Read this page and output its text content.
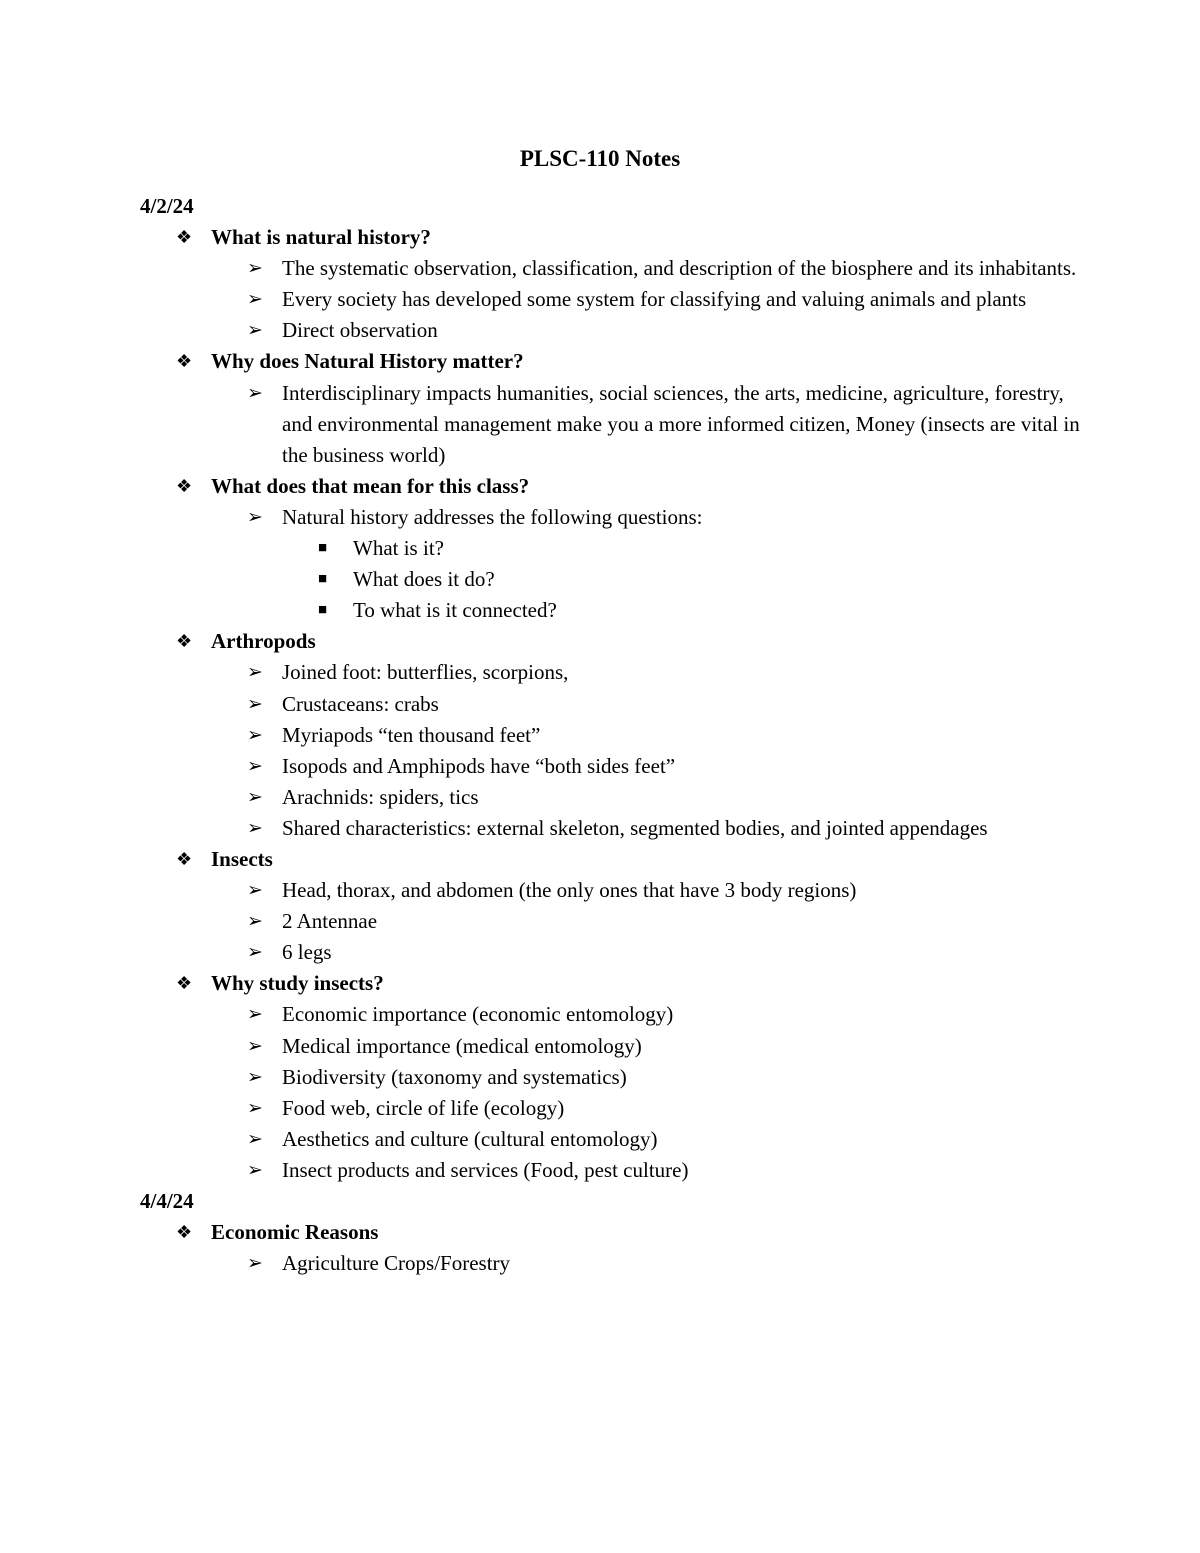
PLSC-110 Notes
4/2/24
❖ What is natural history?
➢ The systematic observation, classification, and description of the biosphere and its inhabitants.
➢ Every society has developed some system for classifying and valuing animals and plants
➢ Direct observation
❖ Why does Natural History matter?
➢ Interdisciplinary impacts humanities, social sciences, the arts, medicine, agriculture, forestry, and environmental management make you a more informed citizen, Money (insects are vital in the business world)
❖ What does that mean for this class?
➢ Natural history addresses the following questions:
■ What is it?
■ What does it do?
■ To what is it connected?
❖ Arthropods
➢ Joined foot: butterflies, scorpions,
➢ Crustaceans: crabs
➢ Myriapods “ten thousand feet”
➢ Isopods and Amphipods have “both sides feet”
➢ Arachnids: spiders, tics
➢ Shared characteristics: external skeleton, segmented bodies, and jointed appendages
❖ Insects
➢ Head, thorax, and abdomen (the only ones that have 3 body regions)
➢ 2 Antennae
➢ 6 legs
❖ Why study insects?
➢ Economic importance (economic entomology)
➢ Medical importance (medical entomology)
➢ Biodiversity (taxonomy and systematics)
➢ Food web, circle of life (ecology)
➢ Aesthetics and culture (cultural entomology)
➢ Insect products and services (Food, pest culture)
4/4/24
❖ Economic Reasons
➢ Agriculture Crops/Forestry
